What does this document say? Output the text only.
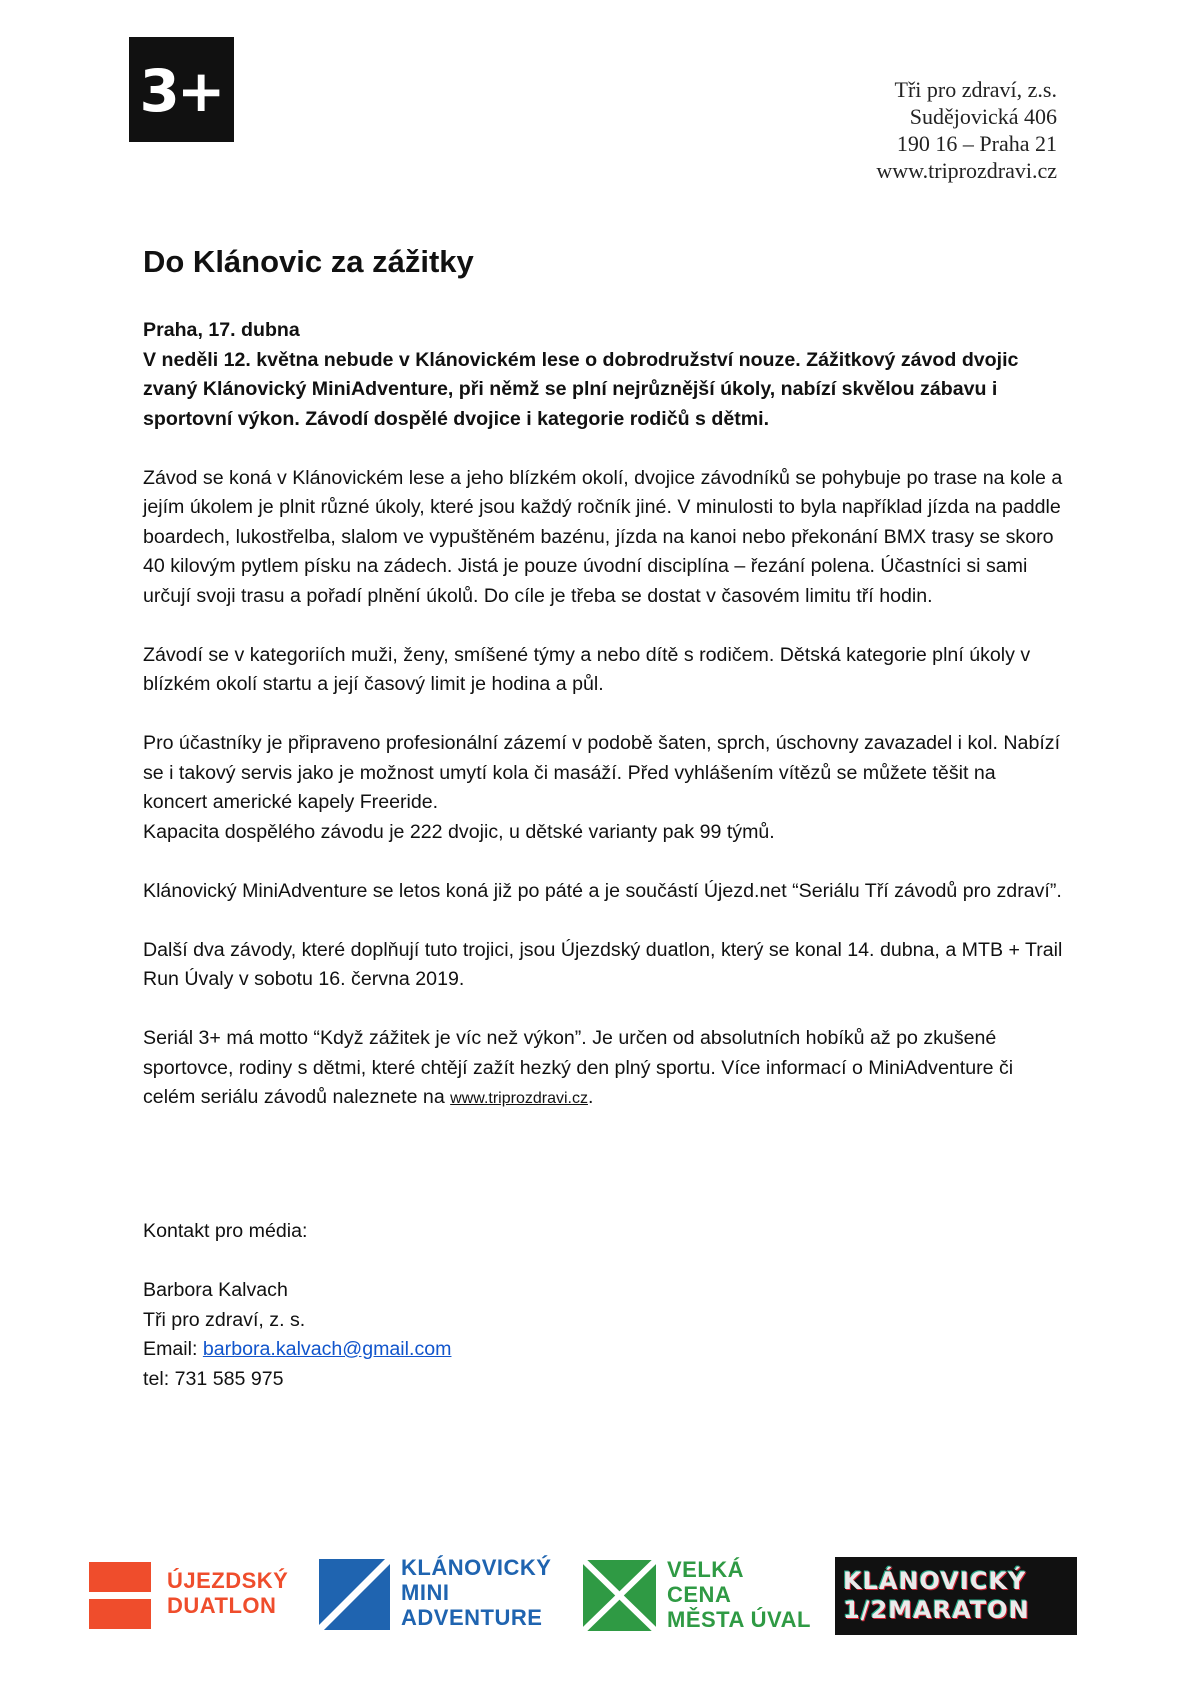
3+	Tři pro zdraví, z.s.
Sudějovická 406
190 16 – Praha 21
www.triprozdravi.cz
Do Klánovic za zážitky

Praha, 17. dubna
V neděli 12. května nebude v Klánovickém lese o dobrodružství nouze. Zážitkový závod dvojic zvaný Klánovický MiniAdventure, při němž se plní nejrůznější úkoly, nabízí skvělou zábavu i sportovní výkon. Závodí dospělé dvojice i kategorie rodičů s dětmi.

Závod se koná v Klánovickém lese a jeho blízkém okolí, dvojice závodníků se pohybuje po trase na kole a jejím úkolem je plnit různé úkoly, které jsou každý ročník jiné. V minulosti to byla například jízda na paddle boardech, lukostřelba, slalom ve vypuštěném bazénu, jízda na kanoi nebo překonání BMX trasy se skoro 40 kilovým pytlem písku na zádech. Jistá je pouze úvodní disciplína – řezání polena. Účastníci si sami určují svoji trasu a pořadí plnění úkolů. Do cíle je třeba se dostat v časovém limitu tří hodin.

Závodí se v kategoriích muži, ženy, smíšené týmy a nebo dítě s rodičem. Dětská kategorie plní úkoly v blízkém okolí startu a její časový limit je hodina a půl.

Pro účastníky je připraveno profesionální zázemí v podobě šaten, sprch, úschovny zavazadel i kol. Nabízí se i takový servis jako je možnost umytí kola či masáží. Před vyhlášením vítězů se můžete těšit na koncert americké kapely Freeride.
Kapacita dospělého závodu je 222 dvojic, u dětské varianty pak 99 týmů.

Klánovický MiniAdventure se letos koná již po páté a je součástí Újezd.net “Seriálu Tří závodů pro zdraví”.

Další dva závody, které doplňují tuto trojici, jsou Újezdský duatlon, který se konal 14. dubna, a MTB + Trail Run Úvaly v sobotu 16. června 2019.

Seriál 3+ má motto “Když zážitek je víc než výkon”. Je určen od absolutních hobíků až po zkušené sportovce, rodiny s dětmi, které chtějí zažít hezký den plný sportu. Více informací o MiniAdventure či celém seriálu závodů naleznete na www.triprozdravi.cz.

Kontakt pro média:

Barbora Kalvach
Tři pro zdraví, z. s.
Email: barbora.kalvach@gmail.com
tel: 731 585 975

ÚJEZDSKÝ
DUATLON
KLÁNOVICKÝ
MINI
ADVENTURE
VELKÁ
CENA
MĚSTA ÚVAL
KLÁNOVICKÝ
1/2MARATON
